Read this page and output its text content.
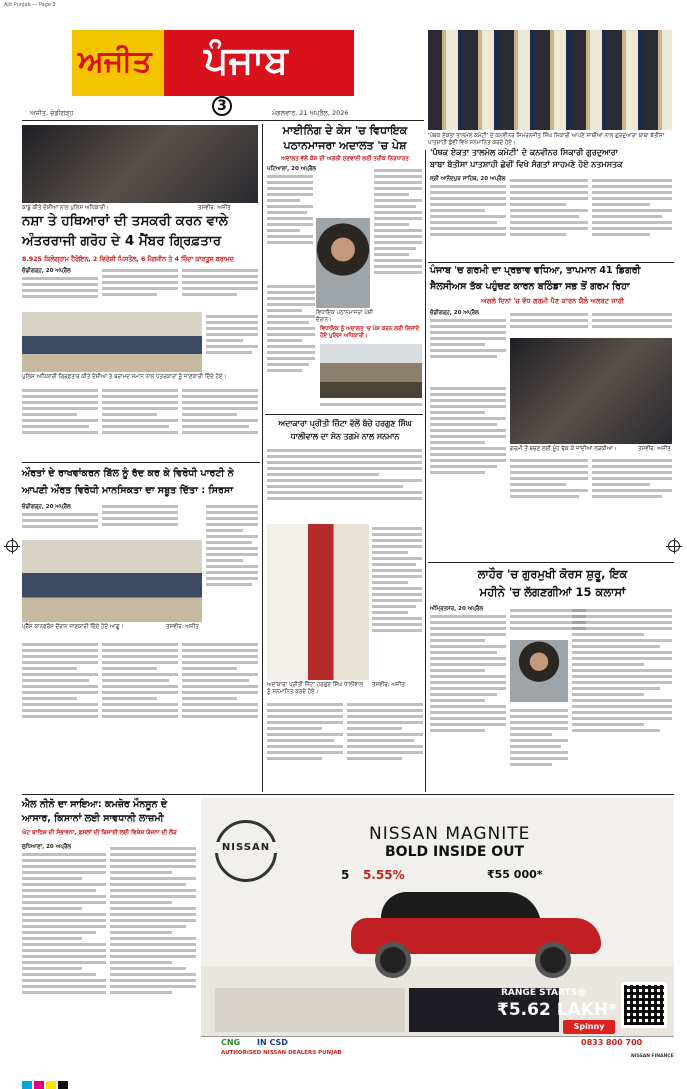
Ajit Punjab — Page 3
ਅਜੀਤ ਪੰਜਾਬ
3
ਅਜੀਤ, ਚੰਡੀਗੜ੍ਹ	ਮੰਗਲਵਾਰ, 21 ਅਪ੍ਰੈਲ, 2026
'ਪੰਥਕ ਏਕਤਾ ਤਾਲਮੇਲ ਕਮੇਟੀ' ਦੇ ਕਨਵੀਨਰ ਸਿਮਰਨਜੀਤ ਸਿੰਘ ਸਿਕਾਰੀ ਆਪਣੇ ਸਾਥੀਆਂ ਨਾਲ ਗੁਰਦੁਆਰਾ ਬਾਬਾ ਬੱਤੀਸਾ ਪਾਤਸ਼ਾਹੀ ਛੇਵੀਂ ਵਿਖੇ ਸਨਮਾਨਿਤ ਕਰਦੇ ਹੋਏ।
ਕਾਬੂ ਕੀਤੇ ਦੋਸ਼ੀਆਂ ਨਾਲ ਪੁਲਿਸ ਅਧਿਕਾਰੀ।	ਤਸਵੀਰ: ਅਜੀਤ
ਨਸ਼ਾ ਤੇ ਹਥਿਆਰਾਂ ਦੀ ਤਸਕਰੀ ਕਰਨ ਵਾਲੇ
ਅੰਤਰਰਾਜੀ ਗਰੋਹ ਦੇ 4 ਮੈਂਬਰ ਗ੍ਰਿਫ਼ਤਾਰ
8.925 ਕਿਲੋਗ੍ਰਾਮ ਹੈਰੋਇਨ, 2 ਵਿਦੇਸ਼ੀ ਪਿਸਤੌਲ, 6 ਮੈਗਜ਼ੀਨ ਤੇ 4 ਜ਼ਿੰਦਾ ਕਾਰਤੂਸ ਬਰਾਮਦ
ਚੰਡੀਗੜ੍ਹ, 20 ਅਪ੍ਰੈਲ
ਪੁਲਿਸ ਅਧਿਕਾਰੀ ਗ੍ਰਿਫ਼ਤਾਰ ਕੀਤੇ ਦੋਸ਼ੀਆਂ ਤੇ ਬਰਾਮਦ ਸਮਾਨ ਨਾਲ ਪੱਤਰਕਾਰਾਂ ਨੂੰ ਜਾਣਕਾਰੀ ਦਿੰਦੇ ਹੋਏ।
ਔਰਤਾਂ ਦੇ ਰਾਖਵਾਂਕਰਨ ਬਿੱਲ ਨੂੰ ਰੱਦ ਕਰ ਕੇ ਵਿਰੋਧੀ ਪਾਰਟੀ ਨੇ
ਆਪਣੀ ਔਰਤ ਵਿਰੋਧੀ ਮਾਨਸਿਕਤਾ ਦਾ ਸਬੂਤ ਦਿੱਤਾ : ਸਿਰਸਾ
ਚੰਡੀਗੜ੍ਹ, 20 ਅਪ੍ਰੈਲ
ਪ੍ਰੈੱਸ ਕਾਨਫਰੰਸ ਦੌਰਾਨ ਜਾਣਕਾਰੀ ਦਿੰਦੇ ਹੋਏ ਆਗੂ।	ਤਸਵੀਰ: ਅਜੀਤ
ਮਾਈਨਿੰਗ ਦੇ ਕੇਸ 'ਚ ਵਿਧਾਇਕ
ਪਠਾਨਮਾਜਰਾ ਅਦਾਲਤ 'ਚ ਪੇਸ਼
ਅਦਾਲਤ ਵੱਲੋਂ ਕੇਸ ਦੀ ਅਗਲੀ ਸੁਣਵਾਈ ਲਈ ਤਰੀਕ ਨਿਰਧਾਰਤ
ਪਟਿਆਲਾ, 20 ਅਪ੍ਰੈਲ
ਵਿਧਾਇਕ ਪਠਾਨਮਾਜਰਾ ਪੇਸ਼ੀ ਦੌਰਾਨ।
ਵਿਧਾਇਕ ਨੂੰ ਅਦਾਲਤ 'ਚ ਪੇਸ਼ ਕਰਨ ਲਈ ਲਿਜਾਂਦੇ ਹੋਏ ਪੁਲਿਸ ਅਧਿਕਾਰੀ।
ਅਦਾਕਾਰਾ ਪ੍ਰੀਤੀ ਜ਼ਿੰਟਾ ਵੱਲੋਂ ਬੱਚੇ ਹਰਗੁਣ ਸਿੰਘ
ਧਾਲੀਵਾਲ ਦਾ ਸੋਨ ਤਗਮੇ ਨਾਲ ਸਨਮਾਨ
ਅਦਾਕਾਰਾ ਪ੍ਰੀਤੀ ਜ਼ਿੰਟਾ ਹਰਗੁਣ ਸਿੰਘ ਧਾਲੀਵਾਲ ਨੂੰ ਸਨਮਾਨਿਤ ਕਰਦੇ ਹੋਏ।
ਤਸਵੀਰ: ਅਜੀਤ
'ਪੰਥਕ ਏਕਤਾ ਤਾਲਮੇਲ ਕਮੇਟੀ' ਦੇ ਕਨਵੀਨਰ ਸਿਕਾਰੀ ਗੁਰਦੁਆਰਾ
ਬਾਬਾ ਬੱਤੀਸਾ ਪਾਤਸ਼ਾਹੀ ਛੇਵੀਂ ਵਿਖੇ ਸੰਗਤਾਂ ਸਾਹਮਣੇ ਹੋਏ ਨਤਮਸਤਕ
ਸ੍ਰੀ ਆਨੰਦਪੁਰ ਸਾਹਿਬ, 20 ਅਪ੍ਰੈਲ
ਪੰਜਾਬ 'ਚ ਗਰਮੀ ਦਾ ਪ੍ਰਭਾਵ ਵਧਿਆ, ਤਾਪਮਾਨ 41 ਡਿਗਰੀ
ਸੈਲਸੀਅਸ ਤੱਕ ਪਹੁੰਚਣ ਕਾਰਨ ਬਠਿੰਡਾ ਸਭ ਤੋਂ ਗਰਮ ਰਿਹਾ
ਅਗਲੇ ਦਿਨਾਂ 'ਚ ਵੱਧ ਗਰਮੀ ਪੈਣ ਕਾਰਨ ਯੈਲੋ ਅਲਰਟ ਜਾਰੀ
ਚੰਡੀਗੜ੍ਹ, 20 ਅਪ੍ਰੈਲ
ਗਰਮੀ ਤੋਂ ਬਚਣ ਲਈ ਮੂੰਹ ਢੱਕ ਕੇ ਜਾਂਦੀਆਂ ਲੜਕੀਆਂ।	ਤਸਵੀਰ: ਅਜੀਤ
ਲਾਹੌਰ 'ਚ ਗੁਰਮੁਖੀ ਕੋਰਸ ਸ਼ੁਰੂ, ਇਕ
ਮਹੀਨੇ 'ਚ ਲੱਗਣਗੀਆਂ 15 ਕਲਾਸਾਂ
ਅੰਮ੍ਰਿਤਸਰ, 20 ਅਪ੍ਰੈਲ
ਐਲ ਨੀਨੋ ਦਾ ਸਾਇਆ: ਕਮਜ਼ੋਰ ਮੌਨਸੂਨ ਦੇ
ਆਸਾਰ, ਕਿਸਾਨਾਂ ਲਈ ਸਾਵਧਾਨੀ ਲਾਜ਼ਮੀ
ਘੱਟ ਬਾਰਿਸ਼ ਦੀ ਸੰਭਾਵਨਾ, ਫ਼ਸਲਾਂ ਦੀ ਬਿਜਾਈ ਲਈ ਵਿਸ਼ੇਸ਼ ਯੋਜਨਾ ਦੀ ਲੋੜ
ਲੁਧਿਆਣਾ, 20 ਅਪ੍ਰੈਲ	NISSAN
NISSAN MAGNITE
BOLD INSIDE OUT
5 5.55%	₹55 000*
RANGE STARTS@
₹5.62 LAKH*
Spinny
CNG IN CSD
AUTHORISED NISSAN DEALERS PUNJAB
0833 800 700
NISSAN FINANCE
